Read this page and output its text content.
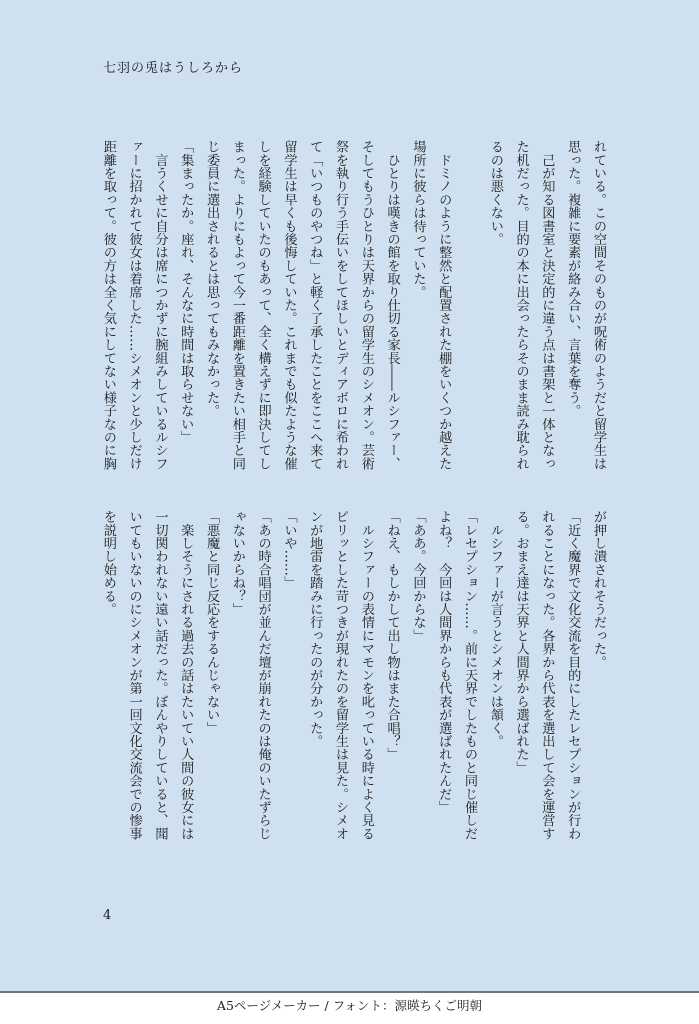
七羽の兎はうしろから

れている。この空間そのものが呪術のようだと留学生は

思った。複雑に要素が絡み合い、言葉を奪う。

　己が知る図書室と決定的に違う点は書架と一体となっ

た机だった。目的の本に出会ったらそのまま読み耽られ

るのは悪くない。

　ドミノのように整然と配置された棚をいくつか越えた

場所に彼らは待っていた。

　ひとりは嘆きの館を取り仕切る家長――ルシファー、

そしてもうひとりは天界からの留学生のシメオン。芸術

祭を執り行う手伝いをしてほしいとディアボロに希われ

て「いつものやつね」と軽く了承したことをここへ来て

留学生は早くも後悔していた。これまでも似たような催

しを経験していたのもあって、全く構えずに即決してし

まった。よりにもよって今一番距離を置きたい相手と同

じ委員に選出されるとは思ってもみなかった。

「集まったか。座れ、そんなに時間は取らせない」

　言うくせに自分は席につかずに腕組みしているルシフ

ァーに招かれて彼女は着席した……シメオンと少しだけ

距離を取って。彼の方は全く気にしてない様子なのに胸

が押し潰されそうだった。

「近く魔界で文化交流を目的にしたレセプションが行わ

れることになった。各界から代表を選出して会を運営す

る。おまえ達は天界と人間界から選ばれた」

　ルシファーが言うとシメオンは頷く。

「レセプション……。前に天界でしたものと同じ催しだ

よね？　今回は人間界からも代表が選ばれたんだ」

「ああ。今回からな」

「ねえ、もしかして出し物はまた合唱？」

　ルシファーの表情にマモンを叱っている時によく見る

ピリッとした苛つきが現れたのを留学生は見た。シメオ

ンが地雷を踏みに行ったのが分かった。

「いや……」

「あの時合唱団が並んだ壇が崩れたのは俺のいたずらじ

ゃないからね？」

「悪魔と同じ反応をするんじゃない」

　楽しそうにされる過去の話はたいてい人間の彼女には

一切関われない遠い話だった。ぼんやりしていると、聞

いてもいないのにシメオンが第一回文化交流会での惨事

を説明し始める。

4
A5ページメーカー / フォント：源暎ちくご明朝
